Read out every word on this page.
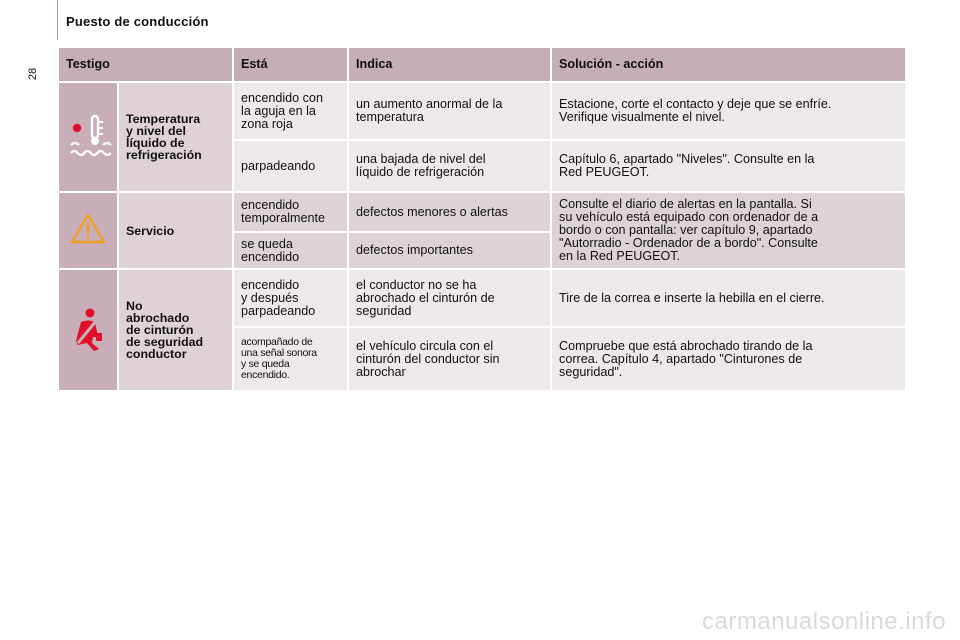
Puesto de conducción
28
Testigo		Está	Indica	Solución - acción
	Temperatura
y nivel del
líquido de
refrigeración	encendido con
la aguja en la
zona roja	un aumento anormal de la
temperatura	Estacione, corte el contacto y deje que se enfríe.
Verifique visualmente el nivel.
		parpadeando	una bajada de nivel del
líquido de refrigeración	Capítulo 6, apartado "Niveles". Consulte en la
Red PEUGEOT.
	Servicio	encendido
temporalmente	defectos menores o alertas	Consulte el diario de alertas en la pantalla. Si
su vehículo está equipado con ordenador de a
bordo o con pantalla: ver capítulo 9, apartado
"Autorradio - Ordenador de a bordo". Consulte
en la Red PEUGEOT.
		se queda
encendido	defectos importantes	
	No
abrochado
de cinturón
de seguridad
conductor	encendido
y después
parpadeando	el conductor no se ha
abrochado el cinturón de
seguridad	Tire de la correa e inserte la hebilla en el cierre.
		acompañado de
una señal sonora
y se queda
encendido.	el vehículo circula con el
cinturón del conductor sin
abrochar	Compruebe que está abrochado tirando de la
correa. Capítulo 4, apartado "Cinturones de
seguridad".
carmanualsonline.info
